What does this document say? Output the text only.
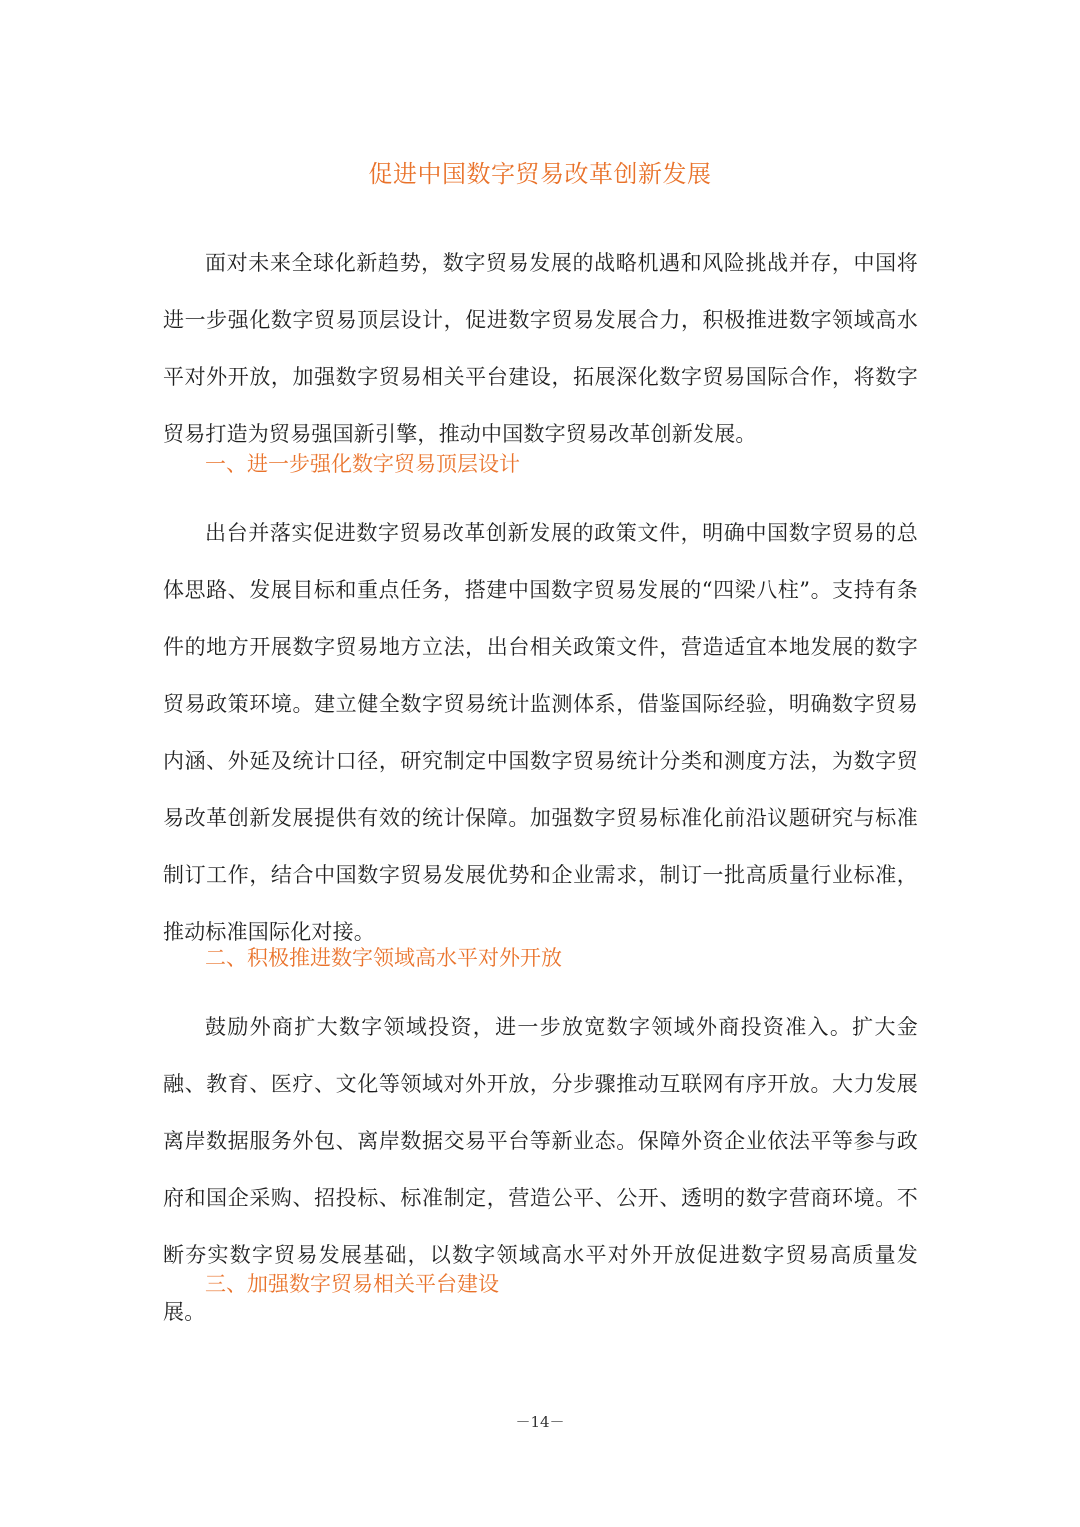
促进中国数字贸易改革创新发展

面对未来全球化新趋势，数字贸易发展的战略机遇和风险挑战并存，中国将进一步强化数字贸易顶层设计，促进数字贸易发展合力，积极推进数字领域高水平对外开放，加强数字贸易相关平台建设，拓展深化数字贸易国际合作，将数字贸易打造为贸易强国新引擎，推动中国数字贸易改革创新发展。

一、进一步强化数字贸易顶层设计

出台并落实促进数字贸易改革创新发展的政策文件，明确中国数字贸易的总体思路、发展目标和重点任务，搭建中国数字贸易发展的“四梁八柱”。支持有条件的地方开展数字贸易地方立法，出台相关政策文件，营造适宜本地发展的数字贸易政策环境。建立健全数字贸易统计监测体系，借鉴国际经验，明确数字贸易内涵、外延及统计口径，研究制定中国数字贸易统计分类和测度方法，为数字贸易改革创新发展提供有效的统计保障。加强数字贸易标准化前沿议题研究与标准制订工作，结合中国数字贸易发展优势和企业需求，制订一批高质量行业标准，推动标准国际化对接。

二、积极推进数字领域高水平对外开放

鼓励外商扩大数字领域投资，进一步放宽数字领域外商投资准入。扩大金融、教育、医疗、文化等领域对外开放，分步骤推动互联网有序开放。大力发展离岸数据服务外包、离岸数据交易平台等新业态。保障外资企业依法平等参与政府和国企采购、招投标、标准制定，营造公平、公开、透明的数字营商环境。不断夯实数字贸易发展基础，以数字领域高水平对外开放促进数字贸易高质量发展。

三、加强数字贸易相关平台建设
－14－
